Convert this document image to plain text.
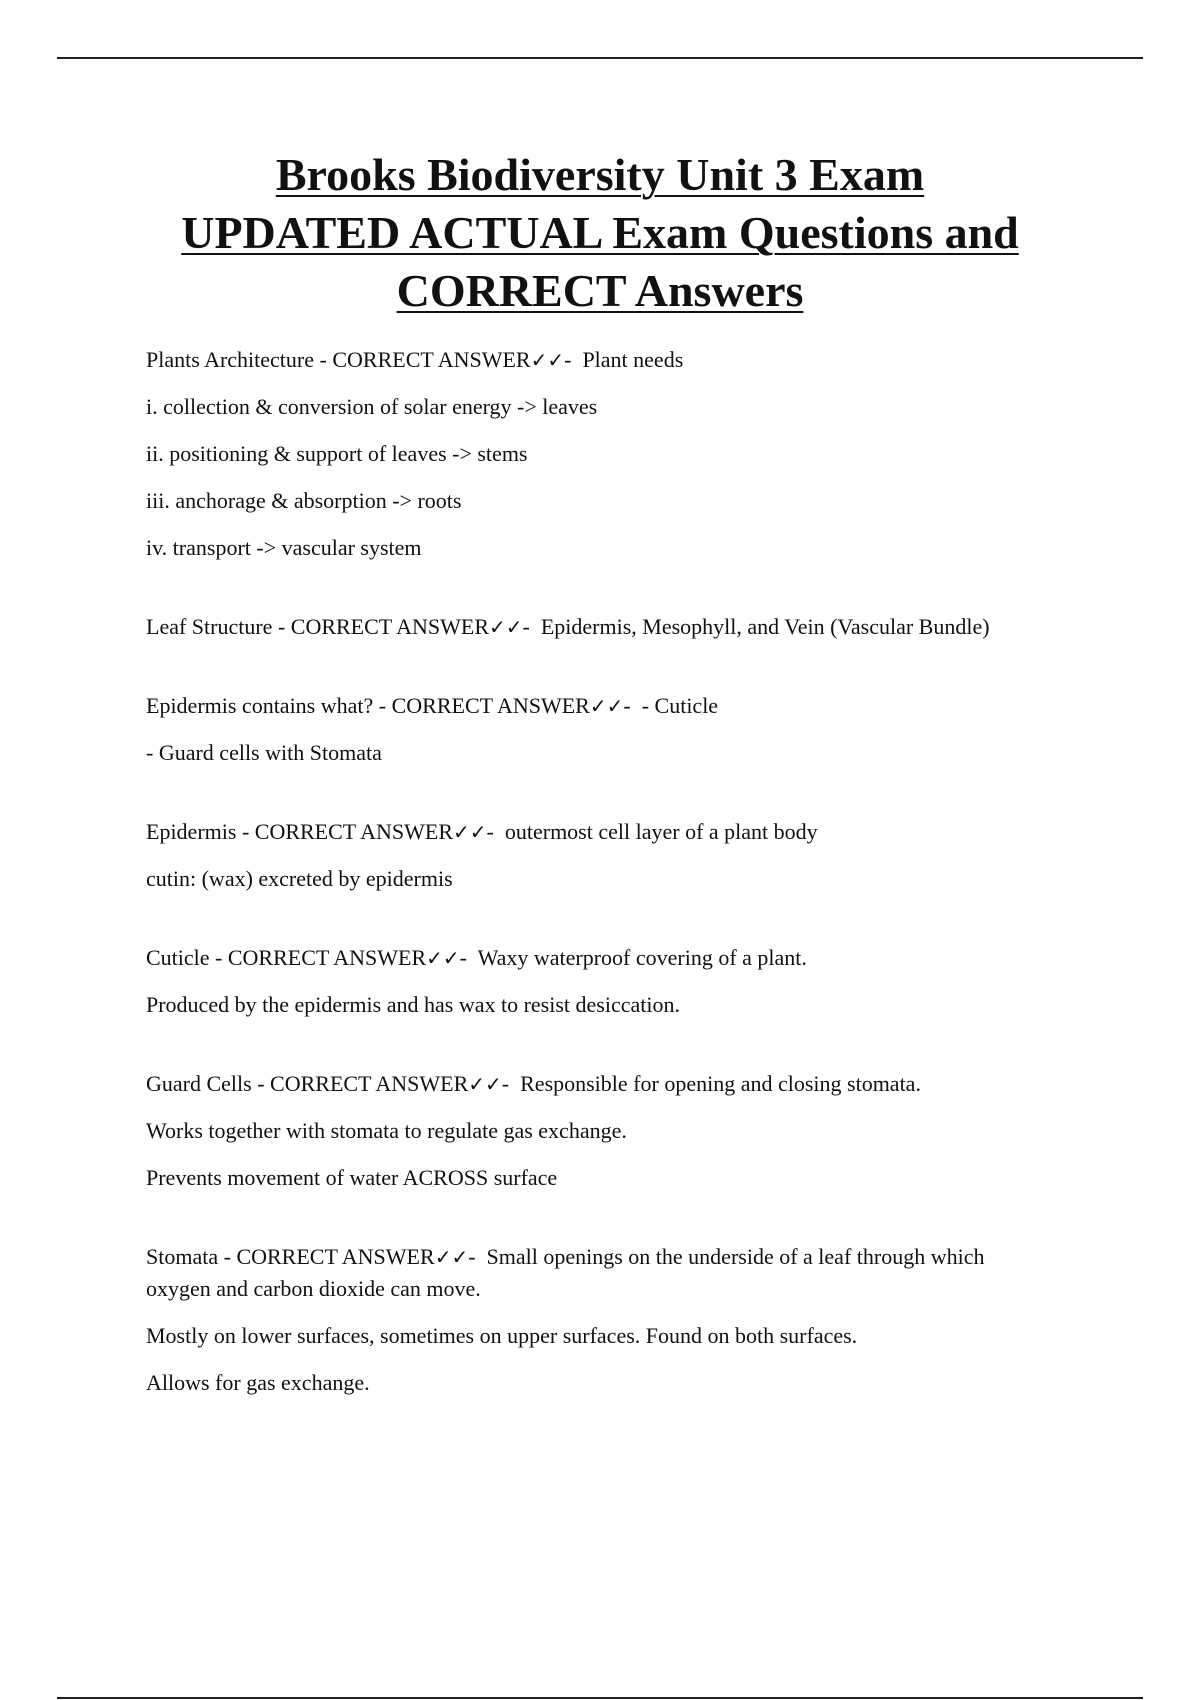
Brooks Biodiversity Unit 3 Exam
UPDATED ACTUAL Exam Questions and
CORRECT Answers

Plants Architecture - CORRECT ANSWER✓✓-  Plant needs

i. collection & conversion of solar energy -> leaves

ii. positioning & support of leaves -> stems

iii. anchorage & absorption -> roots

iv. transport -> vascular system

Leaf Structure - CORRECT ANSWER✓✓-  Epidermis, Mesophyll, and Vein (Vascular Bundle)

Epidermis contains what? - CORRECT ANSWER✓✓-  - Cuticle

- Guard cells with Stomata

Epidermis - CORRECT ANSWER✓✓-  outermost cell layer of a plant body

cutin: (wax) excreted by epidermis

Cuticle - CORRECT ANSWER✓✓-  Waxy waterproof covering of a plant.

Produced by the epidermis and has wax to resist desiccation.

Guard Cells - CORRECT ANSWER✓✓-  Responsible for opening and closing stomata.

Works together with stomata to regulate gas exchange.

Prevents movement of water ACROSS surface

Stomata - CORRECT ANSWER✓✓-  Small openings on the underside of a leaf through which oxygen and carbon dioxide can move.

Mostly on lower surfaces, sometimes on upper surfaces. Found on both surfaces.

Allows for gas exchange.
